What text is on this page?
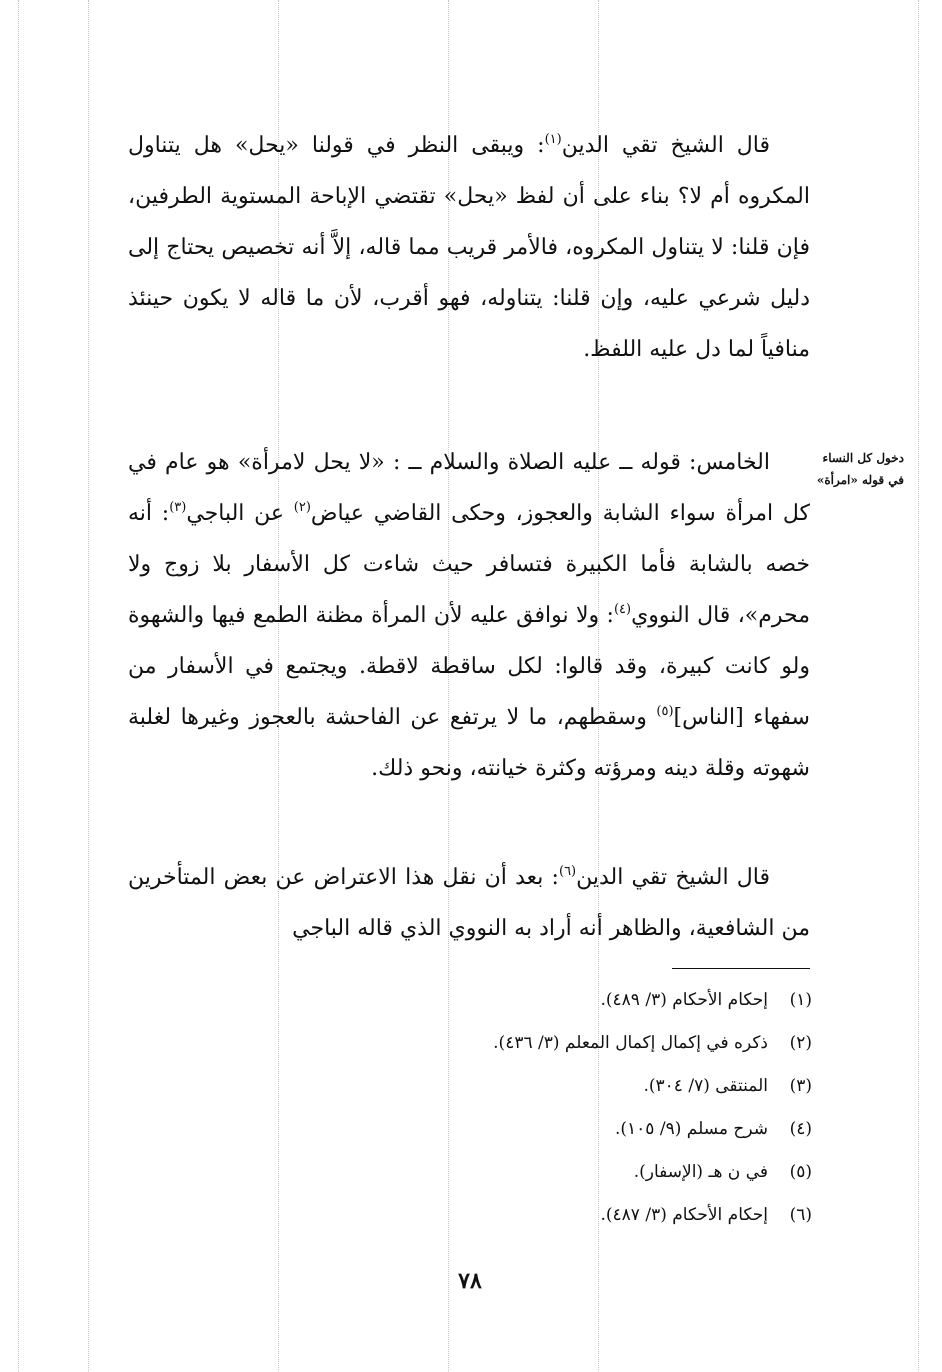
قال الشيخ تقي الدين$^{(١)}$: ويبقى النظر في قولنا «يحل» هل يتناول المكروه أم لا؟ بناء على أن لفظ «يحل» تقتضي الإباحة المستوية الطرفين، فإن قلنا: لا يتناول المكروه، فالأمر قريب مما قاله، إلاَّ أنه تخصيص يحتاج إلى دليل شرعي عليه، وإن قلنا: يتناوله، فهو أقرب، لأن ما قاله لا يكون حينئذ منافياً لما دل عليه اللفظ.

الخامس: قوله ــ عليه الصلاة والسلام ــ : «لا يحل لامرأة» هو عام في كل امرأة سواء الشابة والعجوز، وحكى القاضي عياض$^{(٢)}$ عن الباجي$^{(٣)}$: أنه خصه بالشابة فأما الكبيرة فتسافر حيث شاءت كل الأسفار بلا زوج ولا محرم»، قال النووي$^{(٤)}$: ولا نوافق عليه لأن المرأة مظنة الطمع فيها والشهوة ولو كانت كبيرة، وقد قالوا: لكل ساقطة لاقطة. ويجتمع في الأسفار من سفهاء [الناس]$^{(٥)}$ وسقطهم، ما لا يرتفع عن الفاحشة بالعجوز وغيرها لغلبة شهوته وقلة دينه ومرؤته وكثرة خيانته، ونحو ذلك.

قال الشيخ تقي الدين$^{(٦)}$: بعد أن نقل هذا الاعتراض عن بعض المتأخرين من الشافعية، والظاهر أنه أراد به النووي الذي قاله الباجي

دخول كل النساء في قوله «امرأة»
(١)إحكام الأحكام (٣/ ٤٨٩).
(٢)ذكره في إكمال إكمال المعلم (٣/ ٤٣٦).
(٣)المنتقى (٧/ ٣٠٤).
(٤)شرح مسلم (٩/ ١٠٥).
(٥)في ن هـ (الإسفار).
(٦)إحكام الأحكام (٣/ ٤٨٧).
٧٨
